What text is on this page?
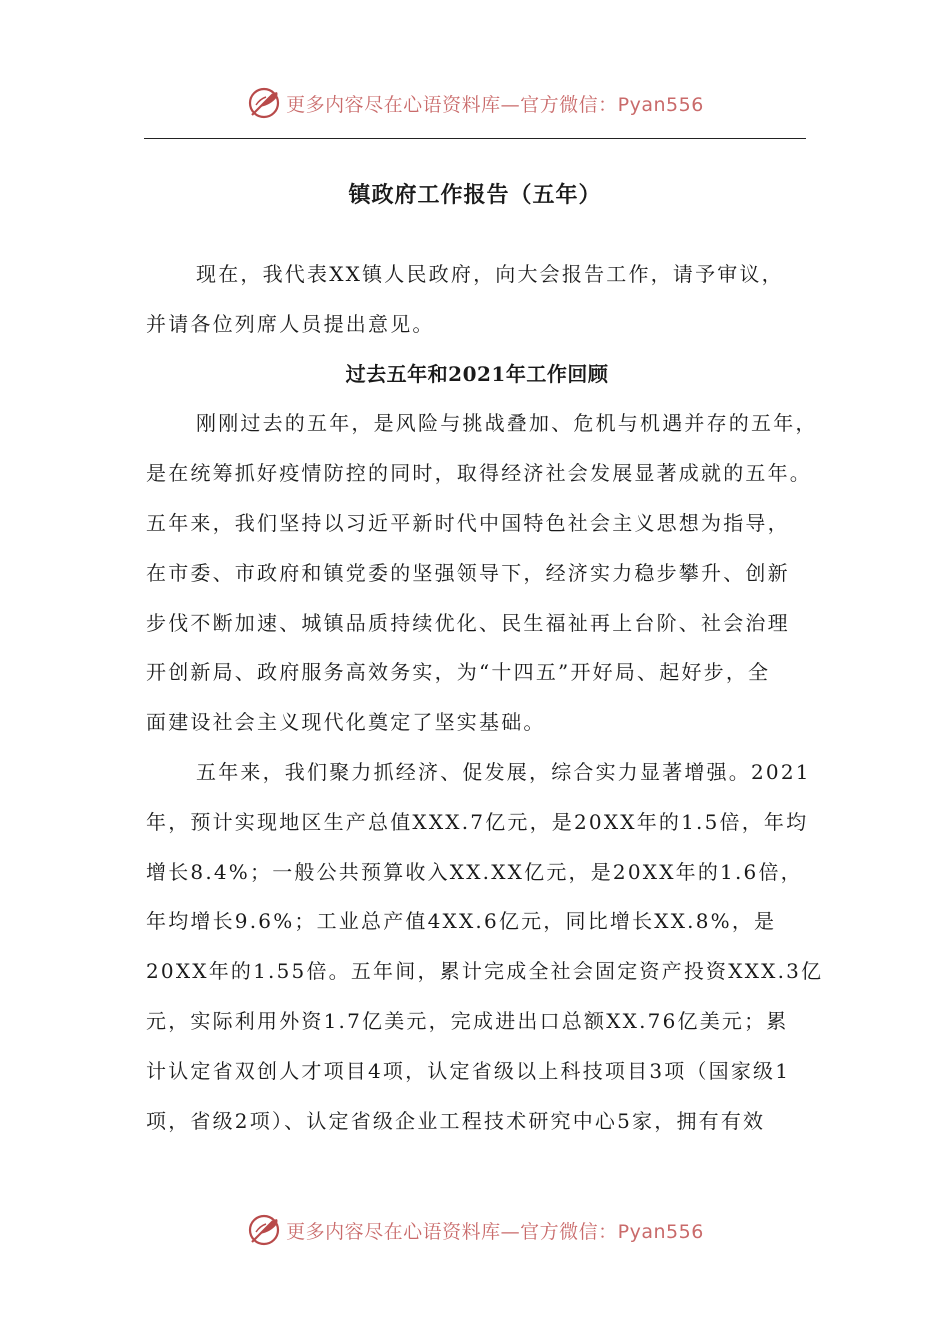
更多内容尽在心语资料库—官方微信：Pyan556
镇政府工作报告（五年）

现在，我代表XX镇人民政府，向大会报告工作，请予审议，
并请各位列席人员提出意见。

过去五年和2021年工作回顾

刚刚过去的五年，是风险与挑战叠加、危机与机遇并存的五年，
是在统筹抓好疫情防控的同时，取得经济社会发展显著成就的五年。
五年来，我们坚持以习近平新时代中国特色社会主义思想为指导，
在市委、市政府和镇党委的坚强领导下，经济实力稳步攀升、创新
步伐不断加速、城镇品质持续优化、民生福祉再上台阶、社会治理
开创新局、政府服务高效务实，为“十四五”开好局、起好步，全
面建设社会主义现代化奠定了坚实基础。

五年来，我们聚力抓经济、促发展，综合实力显著增强。2021
年，预计实现地区生产总值XXX.7亿元，是20XX年的1.5倍，年均
增长8.4%；一般公共预算收入XX.XX亿元，是20XX年的1.6倍，
年均增长9.6%；工业总产值4XX.6亿元，同比增长XX.8%，是
20XX年的1.55倍。五年间，累计完成全社会固定资产投资XXX.3亿
元，实际利用外资1.7亿美元，完成进出口总额XX.76亿美元；累
计认定省双创人才项目4项，认定省级以上科技项目3项（国家级1
项，省级2项）、认定省级企业工程技术研究中心5家，拥有有效

更多内容尽在心语资料库—官方微信：Pyan556
